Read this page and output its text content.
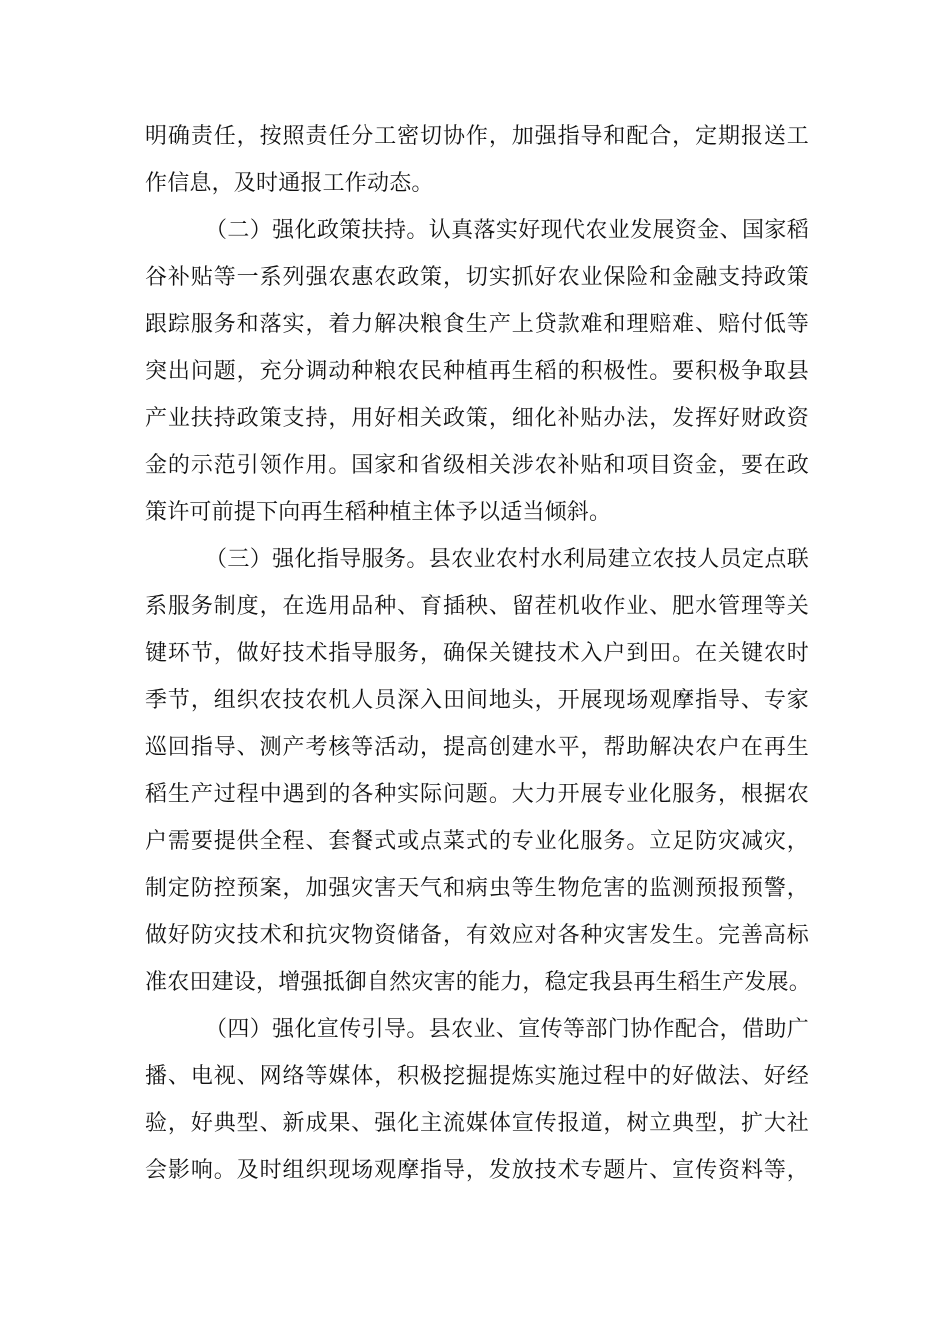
明确责任，按照责任分工密切协作，加强指导和配合，定期报送工
作信息，及时通报工作动态。
（二）强化政策扶持。认真落实好现代农业发展资金、国家稻
谷补贴等一系列强农惠农政策，切实抓好农业保险和金融支持政策
跟踪服务和落实，着力解决粮食生产上贷款难和理赔难、赔付低等
突出问题，充分调动种粮农民种植再生稻的积极性。要积极争取县
产业扶持政策支持，用好相关政策，细化补贴办法，发挥好财政资
金的示范引领作用。国家和省级相关涉农补贴和项目资金，要在政
策许可前提下向再生稻种植主体予以适当倾斜。
（三）强化指导服务。县农业农村水利局建立农技人员定点联
系服务制度，在选用品种、育插秧、留茬机收作业、肥水管理等关
键环节，做好技术指导服务，确保关键技术入户到田。在关键农时
季节，组织农技农机人员深入田间地头，开展现场观摩指导、专家
巡回指导、测产考核等活动，提高创建水平，帮助解决农户在再生
稻生产过程中遇到的各种实际问题。大力开展专业化服务，根据农
户需要提供全程、套餐式或点菜式的专业化服务。立足防灾减灾，
制定防控预案，加强灾害天气和病虫等生物危害的监测预报预警，
做好防灾技术和抗灾物资储备，有效应对各种灾害发生。完善高标
准农田建设，增强抵御自然灾害的能力，稳定我县再生稻生产发展。
（四）强化宣传引导。县农业、宣传等部门协作配合，借助广
播、电视、网络等媒体，积极挖掘提炼实施过程中的好做法、好经
验，好典型、新成果、强化主流媒体宣传报道，树立典型，扩大社
会影响。及时组织现场观摩指导，发放技术专题片、宣传资料等，
